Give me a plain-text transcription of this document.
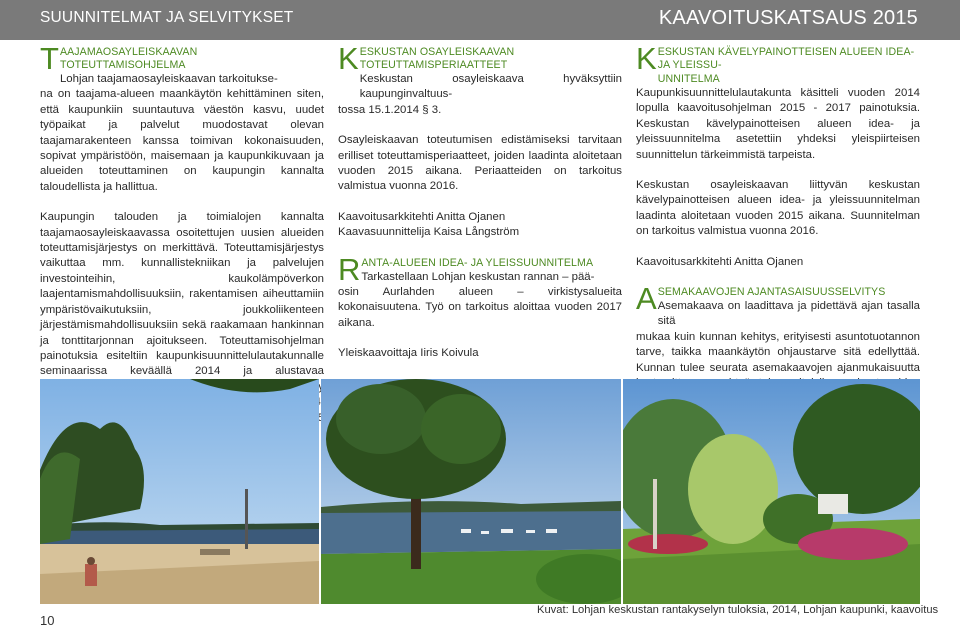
SUUNNITELMAT JA SELVITYKSET	KAAVOITUSKATSAUS 2015
T AAJAMAOSAYLEISKAAVAN TOTEUTTAMISOHJELMA

Lohjan taajamaosayleiskaavan tarkoitukse-

na on taajama-alueen maankäytön kehittäminen siten, että kaupunkiin suuntautuva väestön kasvu, uudet työpaikat ja palvelut muodostavat olevan taajamarakenteen kanssa toimivan kokonaisuuden, sopivat ympäristöön, maisemaan ja kaupunkikuvaan ja alueiden toteuttaminen on kaupungin kannalta taloudellista ja hallittua.

Kaupungin talouden ja toimialojen kannalta taajamaosayleiskaavassa osoitettujen uusien alueiden toteuttamisjärjestys on merkittävä. Toteuttamisjärjestys vaikuttaa mm. kunnallistekniikan ja palvelujen investointeihin, kaukolämpöverkon laajentamismahdollisuuksiin, rakentamisen aiheuttamiin ympäristövaikutuksiin, joukkoliikenteen järjestämismahdollisuuksiin sekä raakamaan hankinnan ja tonttitarjonnan ajoitukseen. Toteuttamisohjelman painotuksia esiteltiin kaupunkisuunnittelulautakunnalle seminaarissa keväällä 2014 ja alustavaa

K ESKUSTAN OSAYLEISKAAVAN TOTEUTTAMISPERIAATTEET

Keskustan osayleiskaava hyväksyttiin kaupunginvaltuus-

tossa 15.1.2014 § 3.

Osayleiskaavan toteutumisen edistämiseksi tarvitaan erilliset toteuttamisperiaatteet, joiden laadinta aloitetaan vuoden 2015 aikana. Periaatteiden on tarkoitus valmistua vuonna 2016.

Kaavoitusarkkitehti Anitta Ojanen

Kaavasuunnittelija Kaisa Långström

R ANTA-ALUEEN IDEA- JA YLEISSUUNNITELMA

Tarkastellaan Lohjan keskustan rannan – pää-

osin Aurlahden alueen – virkistysalueita kokonaisuutena. Työ on tarkoitus aloittaa vuoden 2017 aikana.

Yleiskaavoittaja Iiris Koivula

K ESKUSTAN KÄVELYPAINOTTEISEN ALUEEN IDEA- JA YLEISSU-
UNNITELMA

Kaupunkisuunnittelulautakunta käsitteli vuoden 2014 lopulla kaavoitusohjelman 2015 - 2017 painotuksia. Keskustan kävelypainotteisen alueen idea- ja yleissuunnitelma asetettiin yhdeksi yleispiirteisen suunnittelun tärkeimmistä tarpeista.

Keskustan osayleiskaavan liittyvän keskustan kävelypainotteisen alueen idea- ja yleissuunnitelman laadinta aloitetaan vuoden 2015 aikana. Suunnitelman on tarkoitus valmistua vuonna 2016.

Kaavoitusarkkitehti Anitta Ojanen

A SEMAKAAVOJEN AJANTASAISUUSSELVITYS

Asemakaava on laadittava ja pidettävä ajan tasalla sitä

mukaa kuin kunnan kehitys, erityisesti asuntotuotannon tarve, taikka maankäytön ohjaustarve sitä edellyttää. Kunnan tulee seurata asemakaavojen ajanmukaisuutta

10
Kuvat: Lohjan keskustan rantakyselyn tuloksia, 2014, Lohjan kaupunki, kaavoitus
